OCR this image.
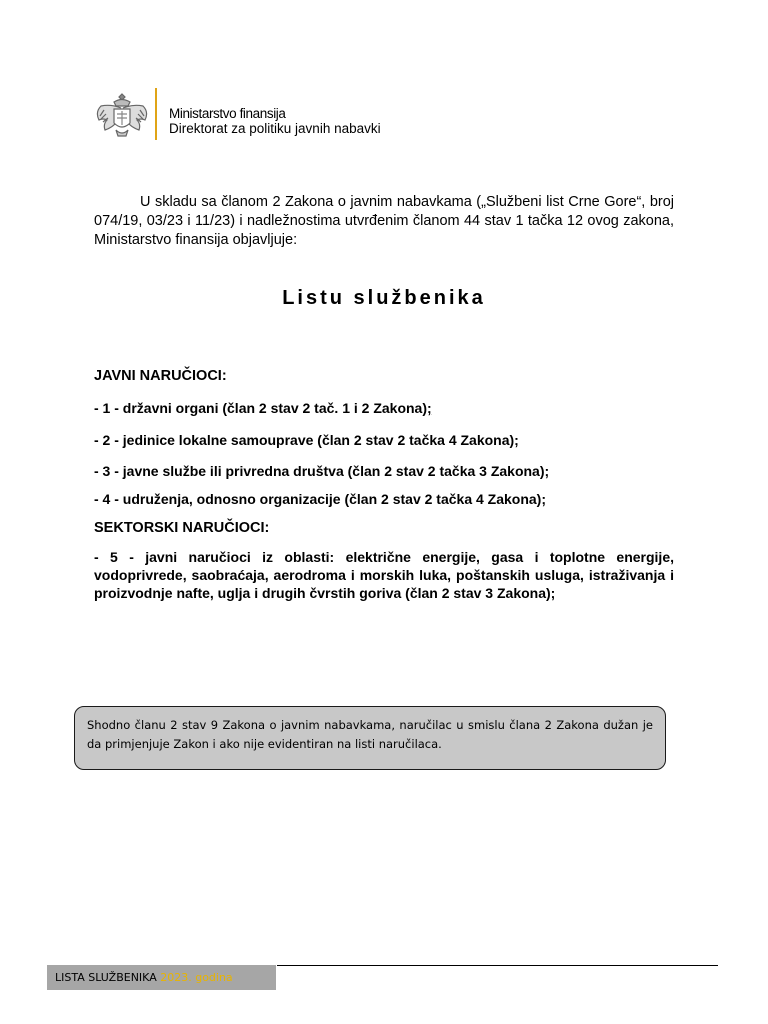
Ministarstvo finansija
Direktorat za politiku javnih nabavki
U skladu sa članom 2 Zakona o javnim nabavkama („Službeni list Crne Gore“, broj 074/19, 03/23 i 11/23) i nadležnostima utvrđenim članom 44 stav 1 tačka 12 ovog zakona, Ministarstvo finansija objavljuje:
Listu službenika
JAVNI NARUČIOCI:
- 1 - državni organi (član 2 stav 2 tač. 1 i 2 Zakona);
- 2 - jedinice lokalne samouprave (član 2 stav 2 tačka 4 Zakona);
- 3 - javne službe ili privredna društva (član 2 stav 2 tačka 3 Zakona);
- 4 - udruženja, odnosno organizacije (član 2 stav 2 tačka 4 Zakona);
SEKTORSKI NARUČIOCI:
- 5 - javni naručioci iz oblasti: električne energije, gasa i toplotne energije, vodoprivrede, saobraćaja, aerodroma i morskih luka, poštanskih usluga, istraživanja i proizvodnje nafte, uglja i drugih čvrstih goriva (član 2 stav 3 Zakona);
Shodno članu 2 stav 9 Zakona o javnim nabavkama, naručilac u smislu člana 2 Zakona dužan je da primjenjuje Zakon i ako nije evidentiran na listi naručilaca.
LISTA SLUŽBENIKA 2023. godina
